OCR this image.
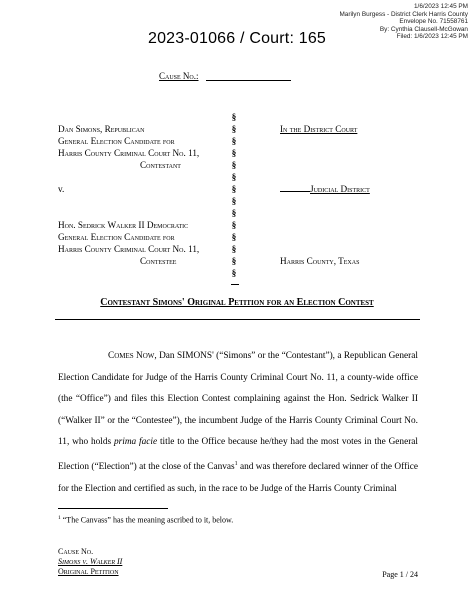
1/6/2023 12:45 PM
Marilyn Burgess - District Clerk Harris County
Envelope No. 71558761
By: Cynthia Clausell-McGowan
Filed: 1/6/2023 12:45 PM
2023-01066 / Court: 165
Cause No.:
§
§
§
§
§
§
§
§
§
§
§
§
§
§
Dan Simons, Republican
General Election Candidate for
Harris County Criminal Court No. 11,
Contestant
v.
Hon. Sedrick Walker II Democratic
General Election Candidate for
Harris County Criminal Court No. 11,
Contestee
In the District Court
Judicial District
Harris County, Texas
Contestant Simons' Original Petition for an Election Contest
Comes Now, Dan SIMONS' (“Simons” or the “Contestant”), a Republican General Election Candidate for Judge of the Harris County Criminal Court No. 11, a county-wide office (the “Office”) and files this Election Contest complaining against the Hon. Sedrick Walker II (“Walker II” or the “Contestee”), the incumbent Judge of the Harris County Criminal Court No. 11, who holds prima facie title to the Office because he/they had the most votes in the General Election (“Election”) at the close of the Canvas$^1$ and was therefore declared winner of the Office for the Election and certified as such, in the race to be Judge of the Harris County Criminal
$^1$ “The Canvass” has the meaning ascribed to it, below.
Cause No.
Simons v. Walker II
Original Petition	Page 1 / 24
